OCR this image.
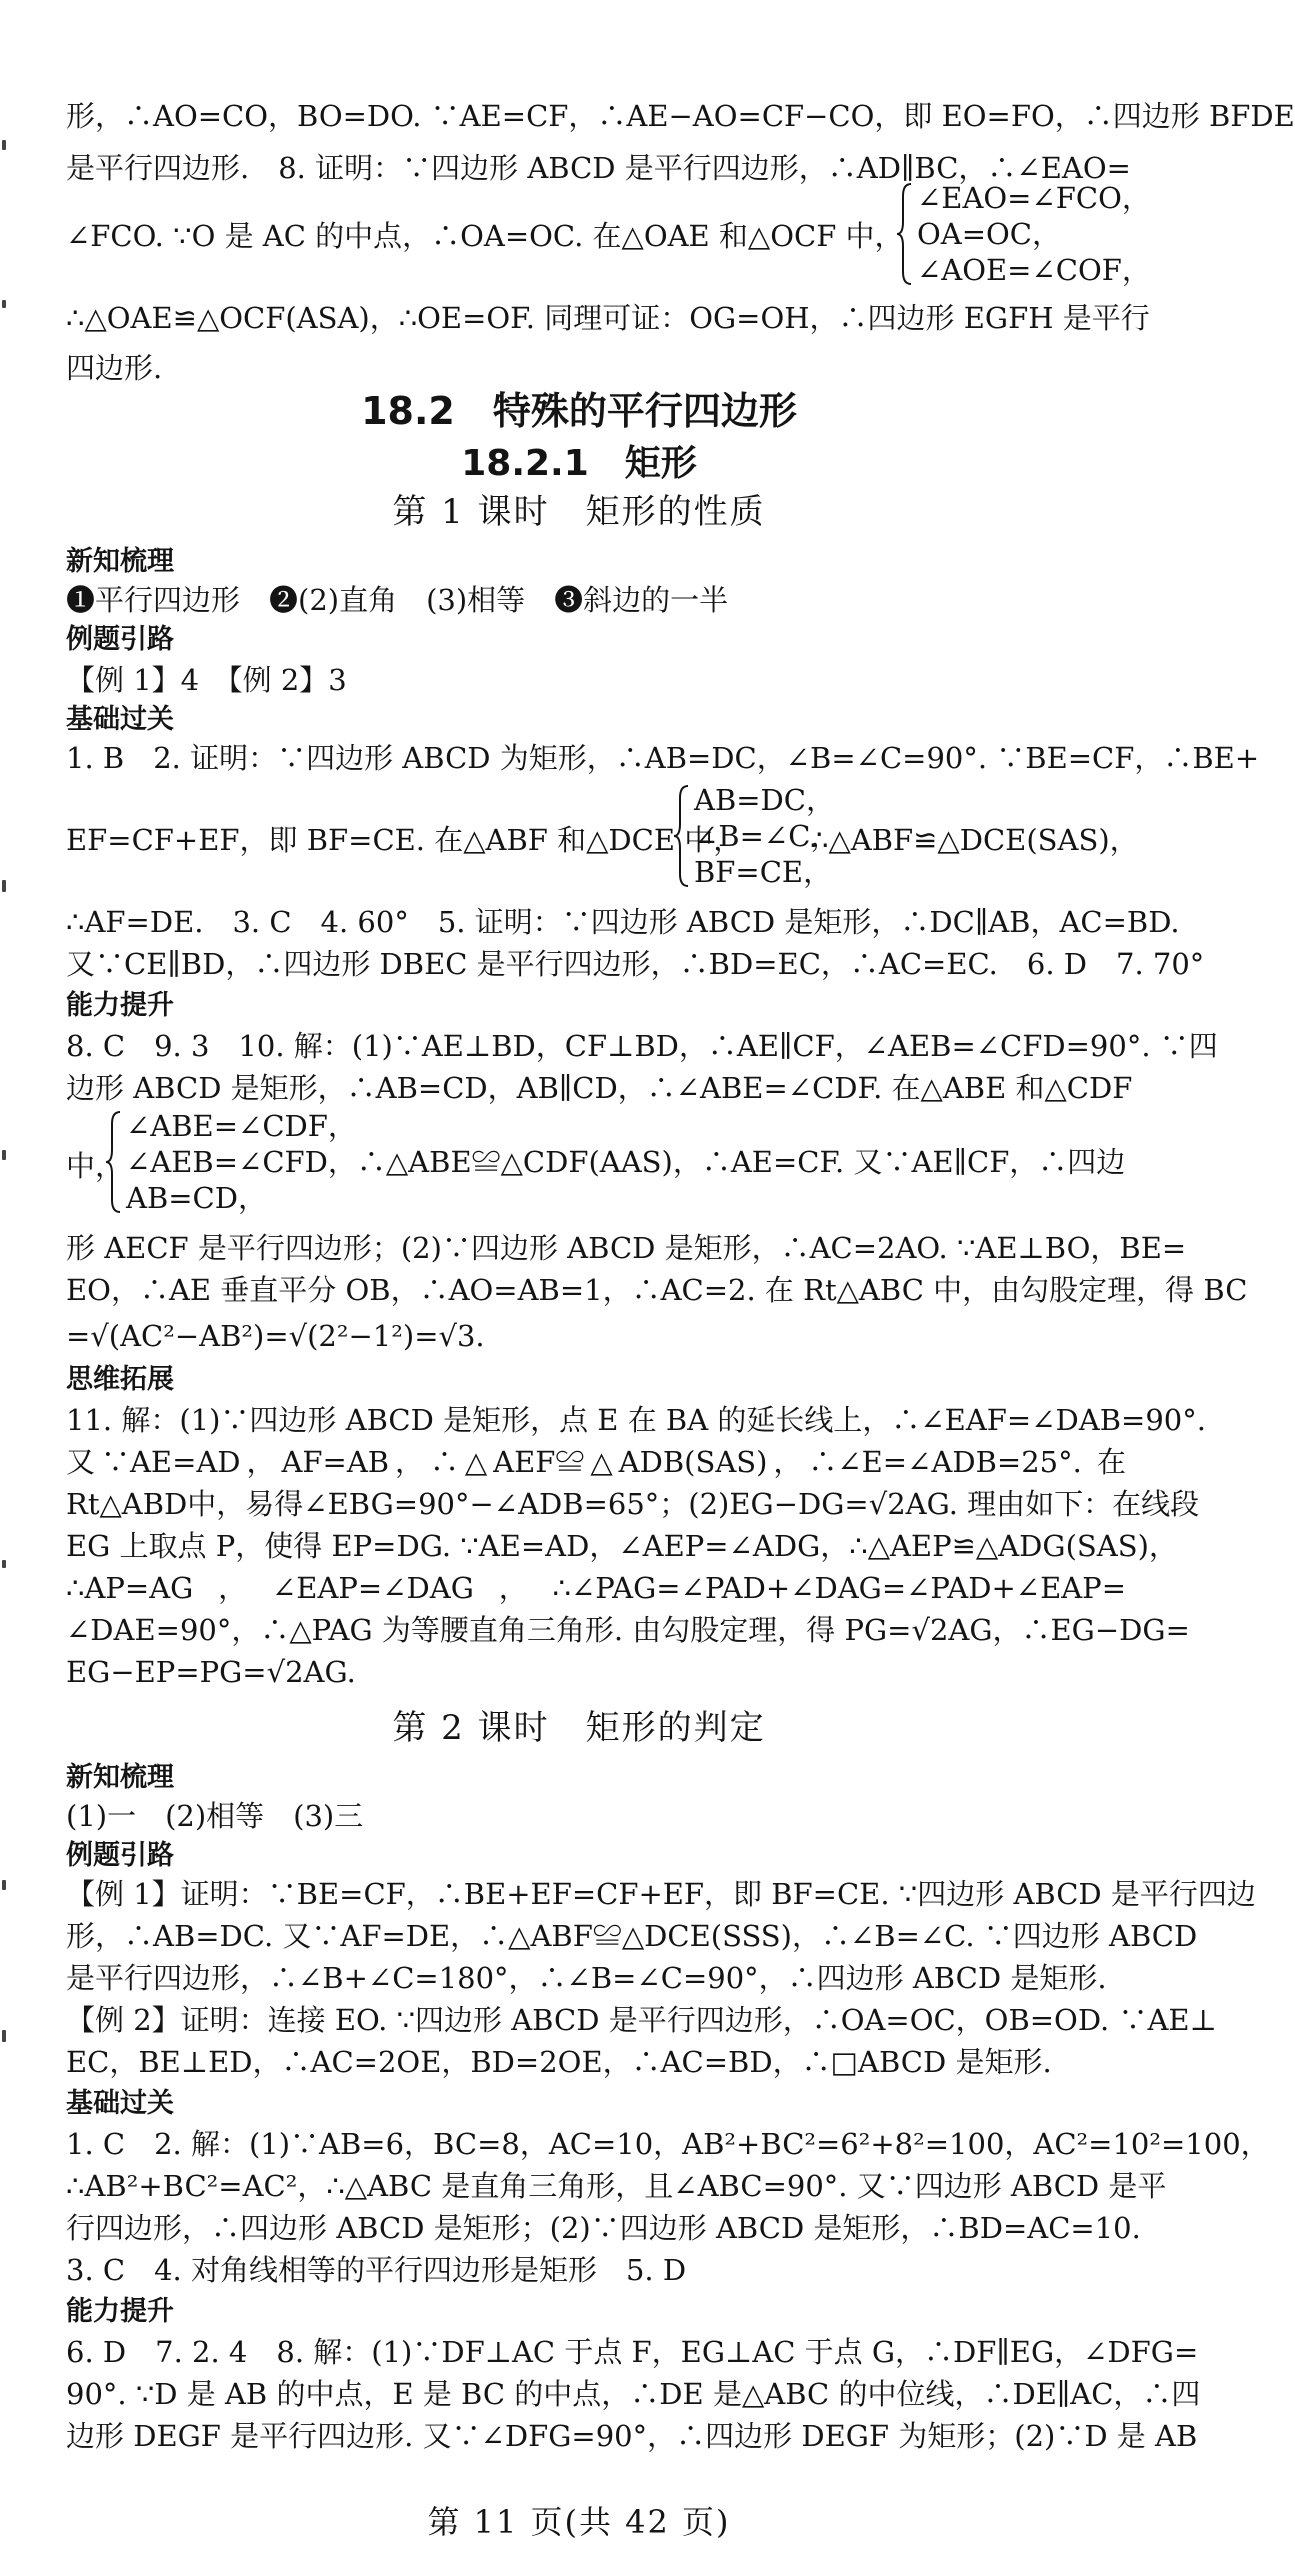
形，∴AO=CO，BO=DO. ∵AE=CF，∴AE−AO=CF−CO，即 EO=FO，∴四边形 BFDE
是平行四边形.　8. 证明：∵四边形 ABCD 是平行四边形，∴AD∥BC，∴∠EAO=
∠FCO. ∵O 是 AC 的中点，∴OA=OC. 在△OAE 和△OCF 中，
∠EAO=∠FCO，
OA=OC，
∠AOE=∠COF，
∴△OAE≌△OCF(ASA)，∴OE=OF. 同理可证：OG=OH，∴四边形 EGFH 是平行
四边形.
18.2　特殊的平行四边形
18.2.1　矩形
第 1 课时　矩形的性质
新知梳理
❶平行四边形　❷(2)直角　(3)相等　❸斜边的一半
例题引路
【例 1】4　【例 2】3
基础过关
1. B　2. 证明：∵四边形 ABCD 为矩形，∴AB=DC，∠B=∠C=90°. ∵BE=CF，∴BE+
EF=CF+EF，即 BF=CE. 在△ABF 和△DCE 中，
AB=DC，
∠B=∠C，
BF=CE，
∴△ABF≌△DCE(SAS)，
∴AF=DE.　3. C　4. 60°　5. 证明：∵四边形 ABCD 是矩形，∴DC∥AB，AC=BD.
又∵CE∥BD，∴四边形 DBEC 是平行四边形，∴BD=EC，∴AC=EC.　6. D　7. 70°
能力提升
8. C　9. 3　10. 解：(1)∵AE⊥BD，CF⊥BD，∴AE∥CF，∠AEB=∠CFD=90°. ∵四
边形 ABCD 是矩形，∴AB=CD，AB∥CD，∴∠ABE=∠CDF. 在△ABE 和△CDF
中，
∠ABE=∠CDF，
∠AEB=∠CFD，∴△ABE≌△CDF(AAS)，∴AE=CF. 又∵AE∥CF，∴四边
AB=CD，
形 AECF 是平行四边形；(2)∵四边形 ABCD 是矩形，∴AC=2AO. ∵AE⊥BO，BE=
EO，∴AE 垂直平分 OB，∴AO=AB=1，∴AC=2. 在 Rt△ABC 中，由勾股定理，得 BC
=√(AC²−AB²)=√(2²−1²)=√3.
思维拓展
11. 解：(1)∵四边形 ABCD 是矩形，点 E 在 BA 的延长线上，∴∠EAF=∠DAB=90°.
又∵AE=AD，AF=AB，∴△AEF≌△ADB(SAS)，∴∠E=∠ADB=25°. 在
Rt△ABD中，易得∠EBG=90°−∠ADB=65°；(2)EG−DG=√2AG. 理由如下：在线段
EG 上取点 P，使得 EP=DG. ∵AE=AD，∠AEP=∠ADG，∴△AEP≌△ADG(SAS)，
∴AP=AG，∠EAP=∠DAG，∴∠PAG=∠PAD+∠DAG=∠PAD+∠EAP=
∠DAE=90°，∴△PAG 为等腰直角三角形. 由勾股定理，得 PG=√2AG，∴EG−DG=
EG−EP=PG=√2AG.
第 2 课时　矩形的判定
新知梳理
(1)一　(2)相等　(3)三
例题引路
【例 1】证明：∵BE=CF，∴BE+EF=CF+EF，即 BF=CE. ∵四边形 ABCD 是平行四边
形，∴AB=DC. 又∵AF=DE，∴△ABF≌△DCE(SSS)，∴∠B=∠C. ∵四边形 ABCD
是平行四边形，∴∠B+∠C=180°，∴∠B=∠C=90°，∴四边形 ABCD 是矩形.
【例 2】证明：连接 EO. ∵四边形 ABCD 是平行四边形，∴OA=OC，OB=OD. ∵AE⊥
EC，BE⊥ED，∴AC=2OE，BD=2OE，∴AC=BD，∴□ABCD 是矩形.
基础过关
1. C　2. 解：(1)∵AB=6，BC=8，AC=10，AB²+BC²=6²+8²=100，AC²=10²=100，
∴AB²+BC²=AC²，∴△ABC 是直角三角形，且∠ABC=90°. 又∵四边形 ABCD 是平
行四边形，∴四边形 ABCD 是矩形；(2)∵四边形 ABCD 是矩形，∴BD=AC=10.
3. C　4. 对角线相等的平行四边形是矩形　5. D
能力提升
6. D　7. 2. 4　8. 解：(1)∵DF⊥AC 于点 F，EG⊥AC 于点 G，∴DF∥EG，∠DFG=
90°. ∵D 是 AB 的中点，E 是 BC 的中点，∴DE 是△ABC 的中位线，∴DE∥AC，∴四
边形 DEGF 是平行四边形. 又∵∠DFG=90°，∴四边形 DEGF 为矩形；(2)∵D 是 AB
第 11 页(共 42 页)
